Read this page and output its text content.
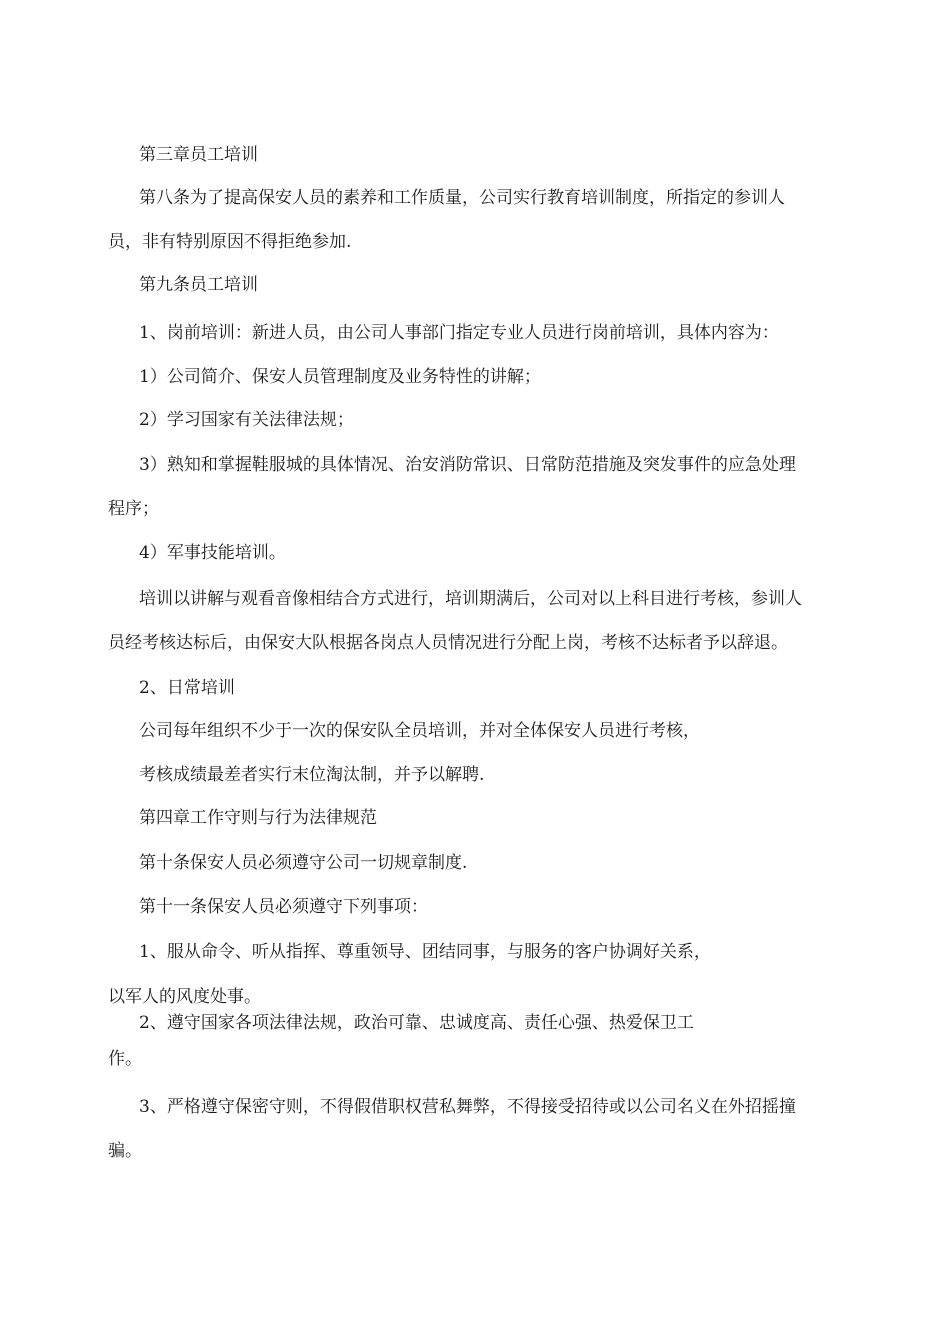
第三章员工培训

第八条为了提高保安人员的素养和工作质量，公司实行教育培训制度，所指定的参训人

员，非有特别原因不得拒绝参加.

第九条员工培训

1、岗前培训：新进人员，由公司人事部门指定专业人员进行岗前培训，具体内容为：

1）公司简介、保安人员管理制度及业务特性的讲解；

2）学习国家有关法律法规；

3）熟知和掌握鞋服城的具体情况、治安消防常识、日常防范措施及突发事件的应急处理

程序；

4）军事技能培训。

培训以讲解与观看音像相结合方式进行，培训期满后，公司对以上科目进行考核，参训人

员经考核达标后，由保安大队根据各岗点人员情况进行分配上岗，考核不达标者予以辞退。

2、日常培训

公司每年组织不少于一次的保安队全员培训，并对全体保安人员进行考核，

考核成绩最差者实行末位淘汰制，并予以解聘.

第四章工作守则与行为法律规范

第十条保安人员必须遵守公司一切规章制度.

第十一条保安人员必须遵守下列事项：

1、服从命令、听从指挥、尊重领导、团结同事，与服务的客户协调好关系，

以军人的风度处事。

2、遵守国家各项法律法规，政治可靠、忠诚度高、责任心强、热爱保卫工

作。

3、严格遵守保密守则，不得假借职权营私舞弊，不得接受招待或以公司名义在外招摇撞

骗。
